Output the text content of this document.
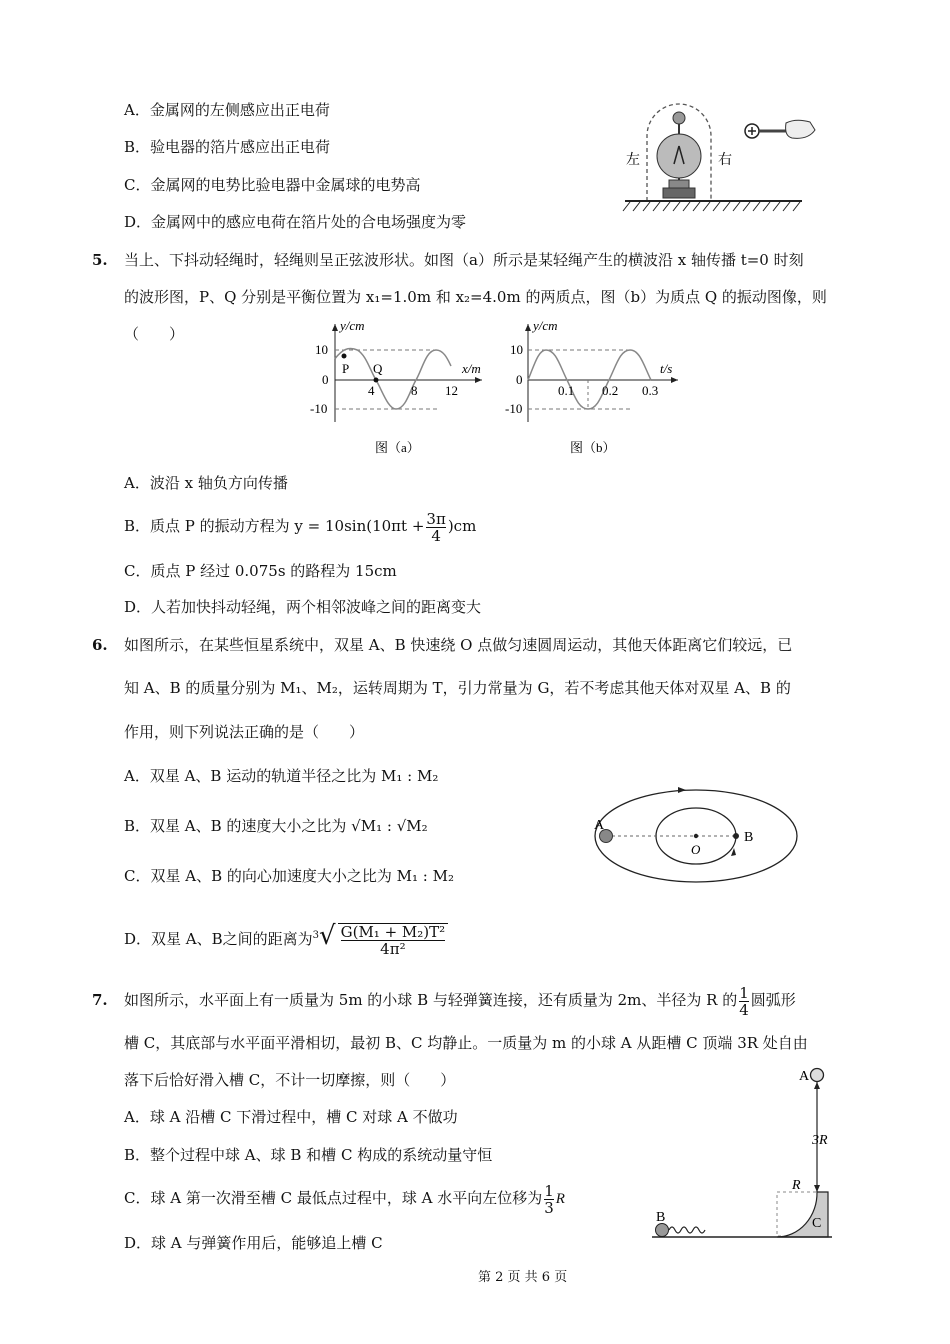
A．金属网的左侧感应出正电荷
B．验电器的箔片感应出正电荷
C．金属网的电势比验电器中金属球的电势高
D．金属网中的感应电荷在箔片处的合电场强度为零
左	右
5. 当上、下抖动轻绳时，轻绳则呈正弦波形状。如图（a）所示是某轻绳产生的横波沿 x 轴传播 t=0 时刻
的波形图，P、Q 分别是平衡位置为 x₁=1.0m 和 x₂=4.0m 的两质点，图（b）为质点 Q 的振动图像，则
（　　）	y/cm
x/m
10
0
-10
4	8 12
P Q
图（a）
y/cm
t/s
10
0
-10
0.1 0.2 0.3
图（b）
A．波沿 x 轴负方向传播
B．质点 P 的振动方程为 $y = 10\sin(10\pi t + \frac{3\pi}{4} )cm$
C．质点 P 经过 0.075s 的路程为 15cm
D．人若加快抖动轻绳，两个相邻波峰之间的距离变大
6. 如图所示，在某些恒星系统中，双星 A、B 快速绕 O 点做匀速圆周运动，其他天体距离它们较远，已
知 A、B 的质量分别为 M₁、M₂，运转周期为 T，引力常量为 G，若不考虑其他天体对双星 A、B 的
作用，则下列说法正确的是（　　）
A．双星 A、B 运动的轨道半径之比为 M₁ : M₂
B．双星 A、B 的速度大小之比为 √M₁ : √M₂
C．双星 A、B 的向心加速度大小之比为 M₁ : M₂
D．双星 A、B之间的距离为$^3√ \frac{\text{G(M₁ + M₂)T²}}{\text{4π²}}$
A
B
O
7. 如图所示，水平面上有一质量为 5m 的小球 B 与轻弹簧连接，还有质量为 2m、半径为 R 的 $\frac{1}{4}$ 圆弧形
槽 C，其底部与水平面平滑相切，最初 B、C 均静止。一质量为 m 的小球 A 从距槽 C 顶端 3R 处自由
落下后恰好滑入槽 C，不计一切摩擦，则（　　）
A．球 A 沿槽 C 下滑过程中，槽 C 对球 A 不做功
B．整个过程中球 A、球 B 和槽 C 构成的系统动量守恒
C．球 A 第一次滑至槽 C 最低点过程中，球 A 水平向左位移为 $\frac{1}{3}$ R
D．球 A 与弹簧作用后，能够追上槽 C
A
3R
R
B	C
第 2 页 共 6 页
